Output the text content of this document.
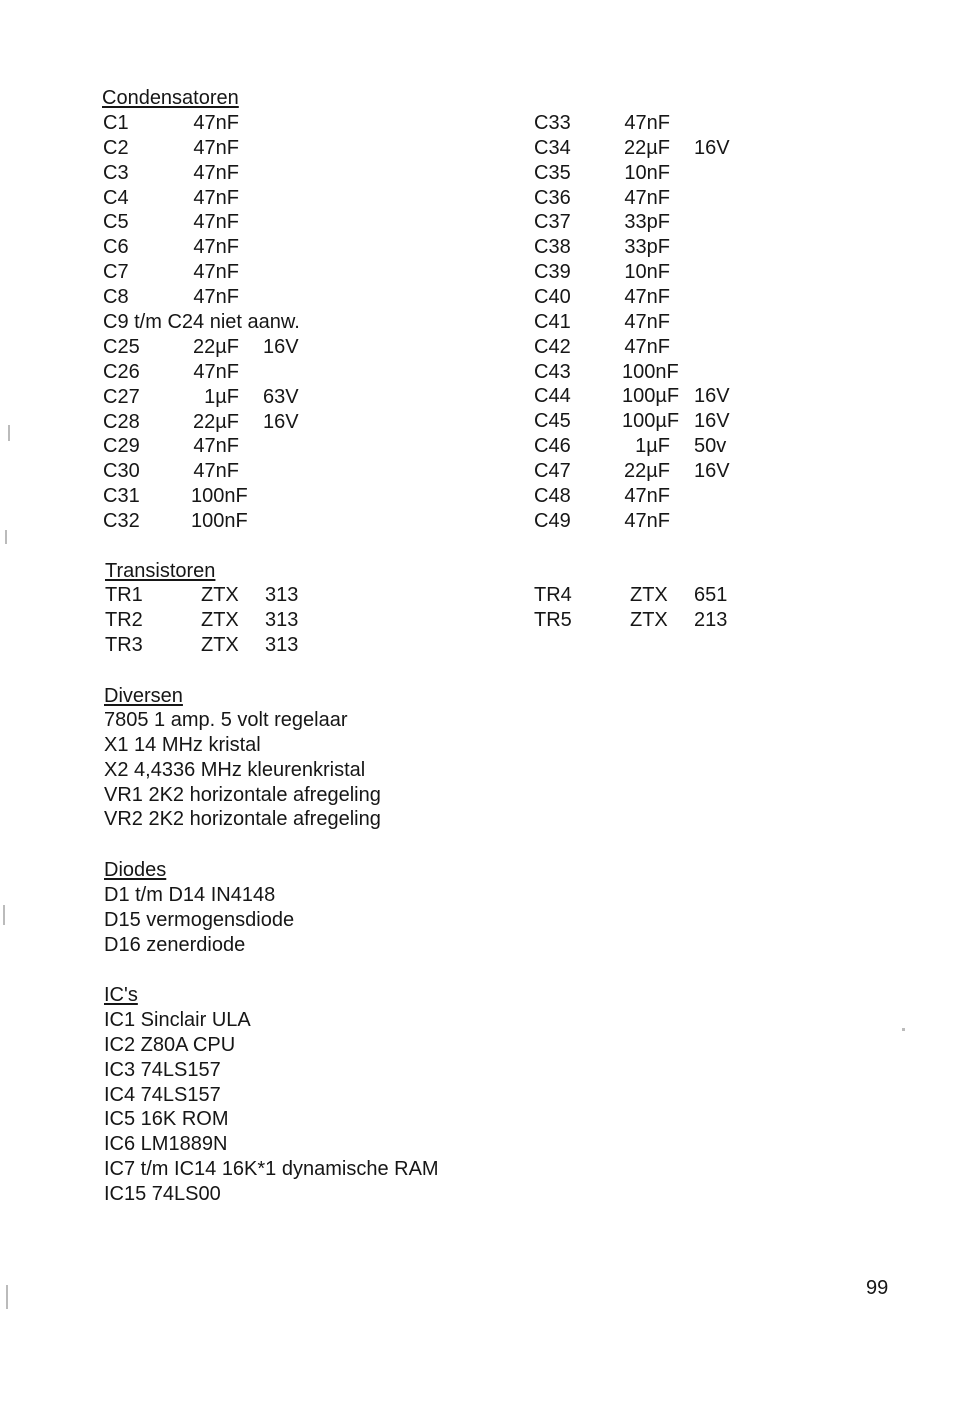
Condensatoren
C1	47nF
C2	47nF
C3	47nF
C4	47nF
C5	47nF
C6	47nF
C7	47nF
C8	47nF
C9 t/m C24 niet aanw.
C25	22µF 16V
C26	47nF
C27	1µF 63V
C28	22µF 16V
C29	47nF
C30	47nF
C31	100nF
C32	100nF
C33	47nF
C34	22µF 16V
C35	10nF
C36	47nF
C37	33pF
C38	33pF
C39	10nF
C40	47nF
C41	47nF
C42	47nF
C43	100nF
C44	100µF 16V
C45	100µF 16V
C46	1µF 50v
C47	22µF 16V
C48	47nF
C49	47nF
Transistoren
TR1	ZTX 313
TR2	ZTX 313
TR3	ZTX 313
TR4	ZTX 651
TR5	ZTX 213
Diversen
7805 1 amp. 5 volt regelaar
X1 14 MHz kristal
X2 4,4336 MHz kleurenkristal
VR1 2K2 horizontale afregeling
VR2 2K2 horizontale afregeling
Diodes
D1 t/m D14 IN4148
D15 vermogensdiode
D16 zenerdiode
IC's
IC1 Sinclair ULA
IC2 Z80A CPU
IC3 74LS157
IC4 74LS157
IC5 16K ROM
IC6 LM1889N
IC7 t/m IC14 16K*1 dynamische RAM
IC15 74LS00
99
